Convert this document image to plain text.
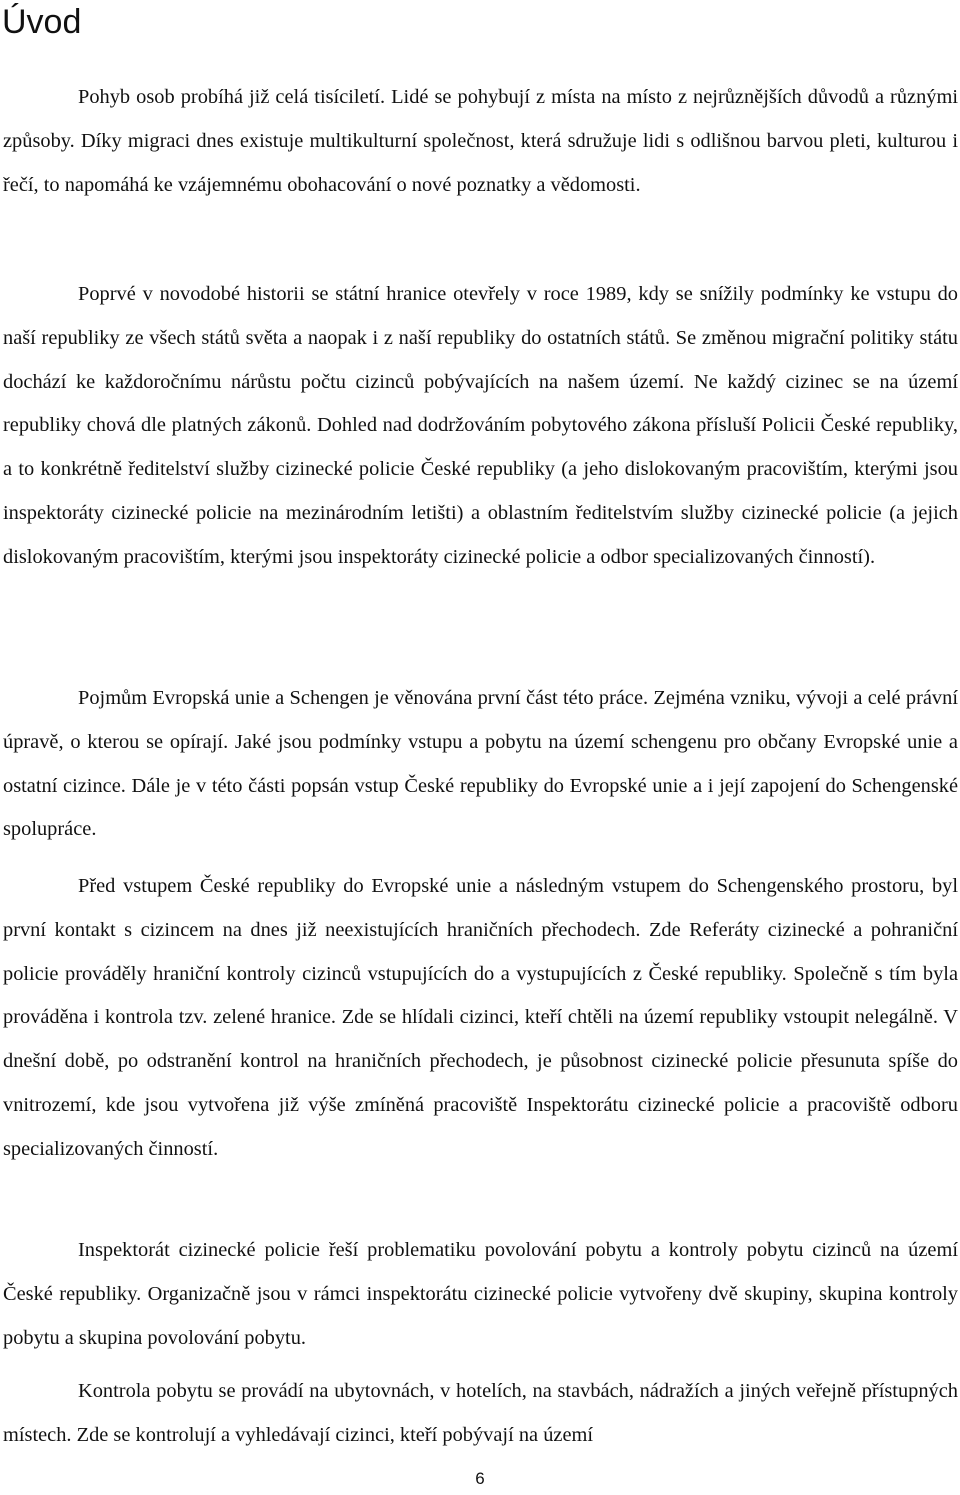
Úvod

Pohyb osob probíhá již celá tisíciletí. Lidé se pohybují z místa na místo z nejrůznějších důvodů a různými způsoby. Díky migraci dnes existuje multikulturní společnost, která sdružuje lidi s odlišnou barvou pleti, kulturou i řečí, to napomáhá ke vzájemnému obohacování o nové poznatky a vědomosti.

Poprvé v novodobé historii se státní hranice otevřely v roce 1989, kdy se snížily podmínky ke vstupu do naší republiky ze všech států světa a naopak i z naší republiky do ostatních států. Se změnou migrační politiky státu dochází ke každoročnímu nárůstu počtu cizinců pobývajících na našem území. Ne každý cizinec se na území republiky chová dle platných zákonů. Dohled nad dodržováním pobytového zákona přísluší Policii České republiky, a to konkrétně ředitelství služby cizinecké policie České republiky (a jeho dislokovaným pracovištím, kterými jsou inspektoráty cizinecké policie na mezinárodním letišti) a oblastním ředitelstvím služby cizinecké policie (a jejich dislokovaným pracovištím, kterými jsou inspektoráty cizinecké policie a odbor specializovaných činností).

Pojmům Evropská unie a Schengen je věnována první část této práce. Zejména vzniku, vývoji a celé právní úpravě, o kterou se opírají. Jaké jsou podmínky vstupu a pobytu na území schengenu pro občany Evropské unie a ostatní cizince. Dále je v této části popsán vstup České republiky do Evropské unie a i její zapojení do Schengenské spolupráce.

Před vstupem České republiky do Evropské unie a následným vstupem do Schengenského prostoru, byl první kontakt s cizincem na dnes již neexistujících hraničních přechodech. Zde Referáty cizinecké a pohraniční policie prováděly hraniční kontroly cizinců vstupujících do a vystupujících z České republiky. Společně s tím byla prováděna i kontrola tzv. zelené hranice. Zde se hlídali cizinci, kteří chtěli na území republiky vstoupit nelegálně. V dnešní době, po odstranění kontrol na hraničních přechodech, je působnost cizinecké policie přesunuta spíše do vnitrozemí, kde jsou vytvořena již výše zmíněná pracoviště Inspektorátu cizinecké policie a pracoviště odboru specializovaných činností.

Inspektorát cizinecké policie řeší problematiku povolování pobytu a kontroly pobytu cizinců na území České republiky. Organizačně jsou v rámci inspektorátu cizinecké policie vytvořeny dvě skupiny, skupina kontroly pobytu a skupina povolování pobytu.

Kontrola pobytu se provádí na ubytovnách, v hotelích, na stavbách, nádražích a jiných veřejně přístupných místech. Zde se kontrolují a vyhledávají cizinci, kteří pobývají na území

6
